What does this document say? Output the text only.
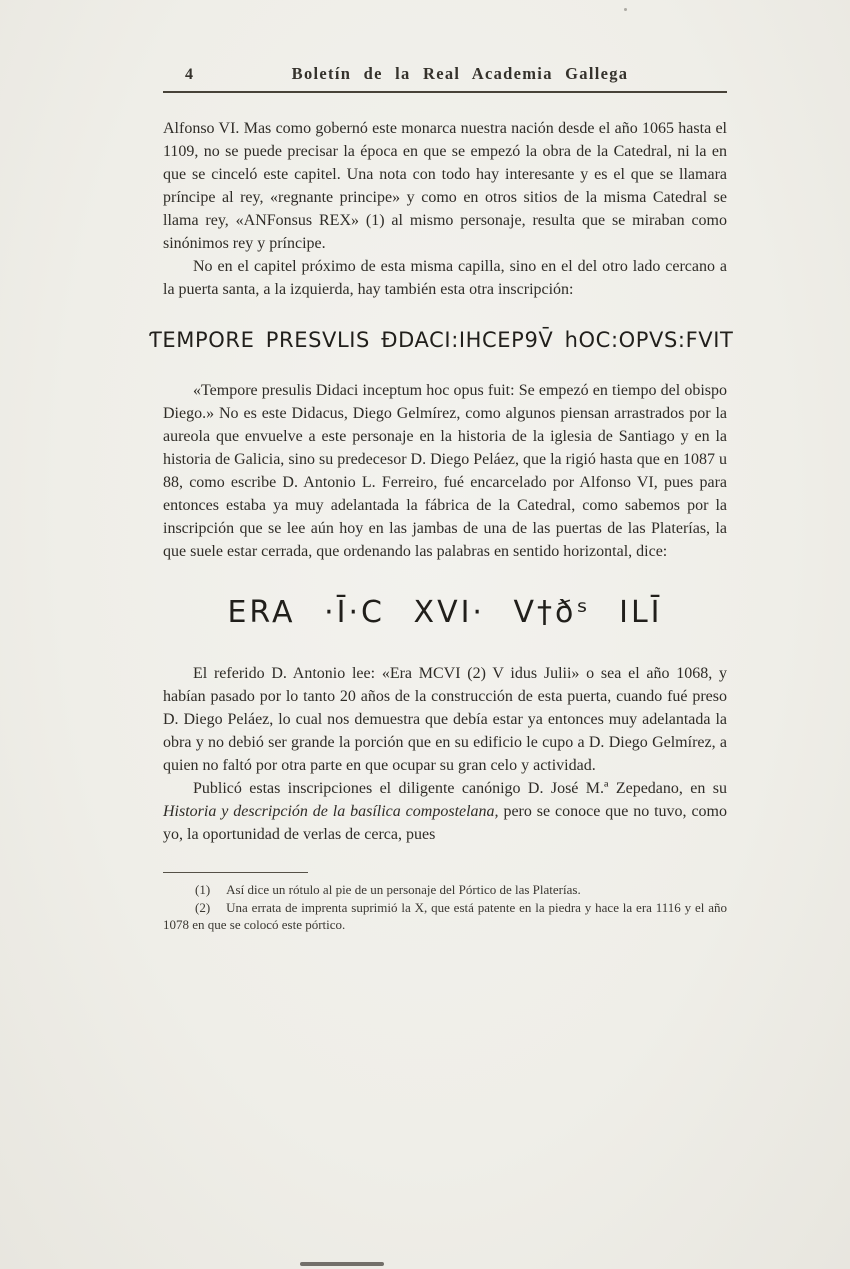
4	Boletín de la Real Academia Gallega

Alfonso VI. Mas como gobernó este monarca nuestra nación desde el año 1065 hasta el 1109, no se puede precisar la época en que se empezó la obra de la Catedral, ni la en que se cinceló este capitel. Una nota con todo hay interesante y es el que se llamara príncipe al rey, «regnante principe» y como en otros sitios de la misma Catedral se llama rey, «ANFonsus REX» (1) al mismo personaje, resulta que se miraban como sinónimos rey y príncipe.

No en el capitel próximo de esta misma capilla, sino en el del otro lado cercano a la puerta santa, a la izquierda, hay también esta otra inscripción:

ƬEMPORE PRESVLIS ĐDACI:IHCEP9V̄ hOC:OPVS:FVIT

«Tempore presulis Didaci inceptum hoc opus fuit: Se empezó en tiempo del obispo Diego.» No es este Didacus, Diego Gelmírez, como algunos piensan arrastrados por la aureola que envuelve a este personaje en la historia de la iglesia de Santiago y en la historia de Galicia, sino su predecesor D. Diego Peláez, que la rigió hasta que en 1087 u 88, como escribe D. Antonio L. Ferreiro, fué encarcelado por Alfonso VI, pues para entonces estaba ya muy adelantada la fábrica de la Catedral, como sabemos por la inscripción que se lee aún hoy en las jambas de una de las puertas de las Platerías, la que suele estar cerrada, que ordenando las palabras en sentido horizontal, dice:

ERA ·Ī·C XVI· V†ðˢ ILĪ

El referido D. Antonio lee: «Era MCVI (2) V idus Julii» o sea el año 1068, y habían pasado por lo tanto 20 años de la construcción de esta puerta, cuando fué preso D. Diego Peláez, lo cual nos demuestra que debía estar ya entonces muy adelantada la obra y no debió ser grande la porción que en su edificio le cupo a D. Diego Gelmírez, a quien no faltó por otra parte en que ocupar su gran celo y actividad.

Publicó estas inscripciones el diligente canónigo D. José M.ª Zepedano, en su Historia y descripción de la basílica compostelana, pero se conoce que no tuvo, como yo, la oportunidad de verlas de cerca, pues

(1) Así dice un rótulo al pie de un personaje del Pórtico de las Platerías.

(2) Una errata de imprenta suprimió la X, que está patente en la piedra y hace la era 1116 y el año 1078 en que se colocó este pórtico.
